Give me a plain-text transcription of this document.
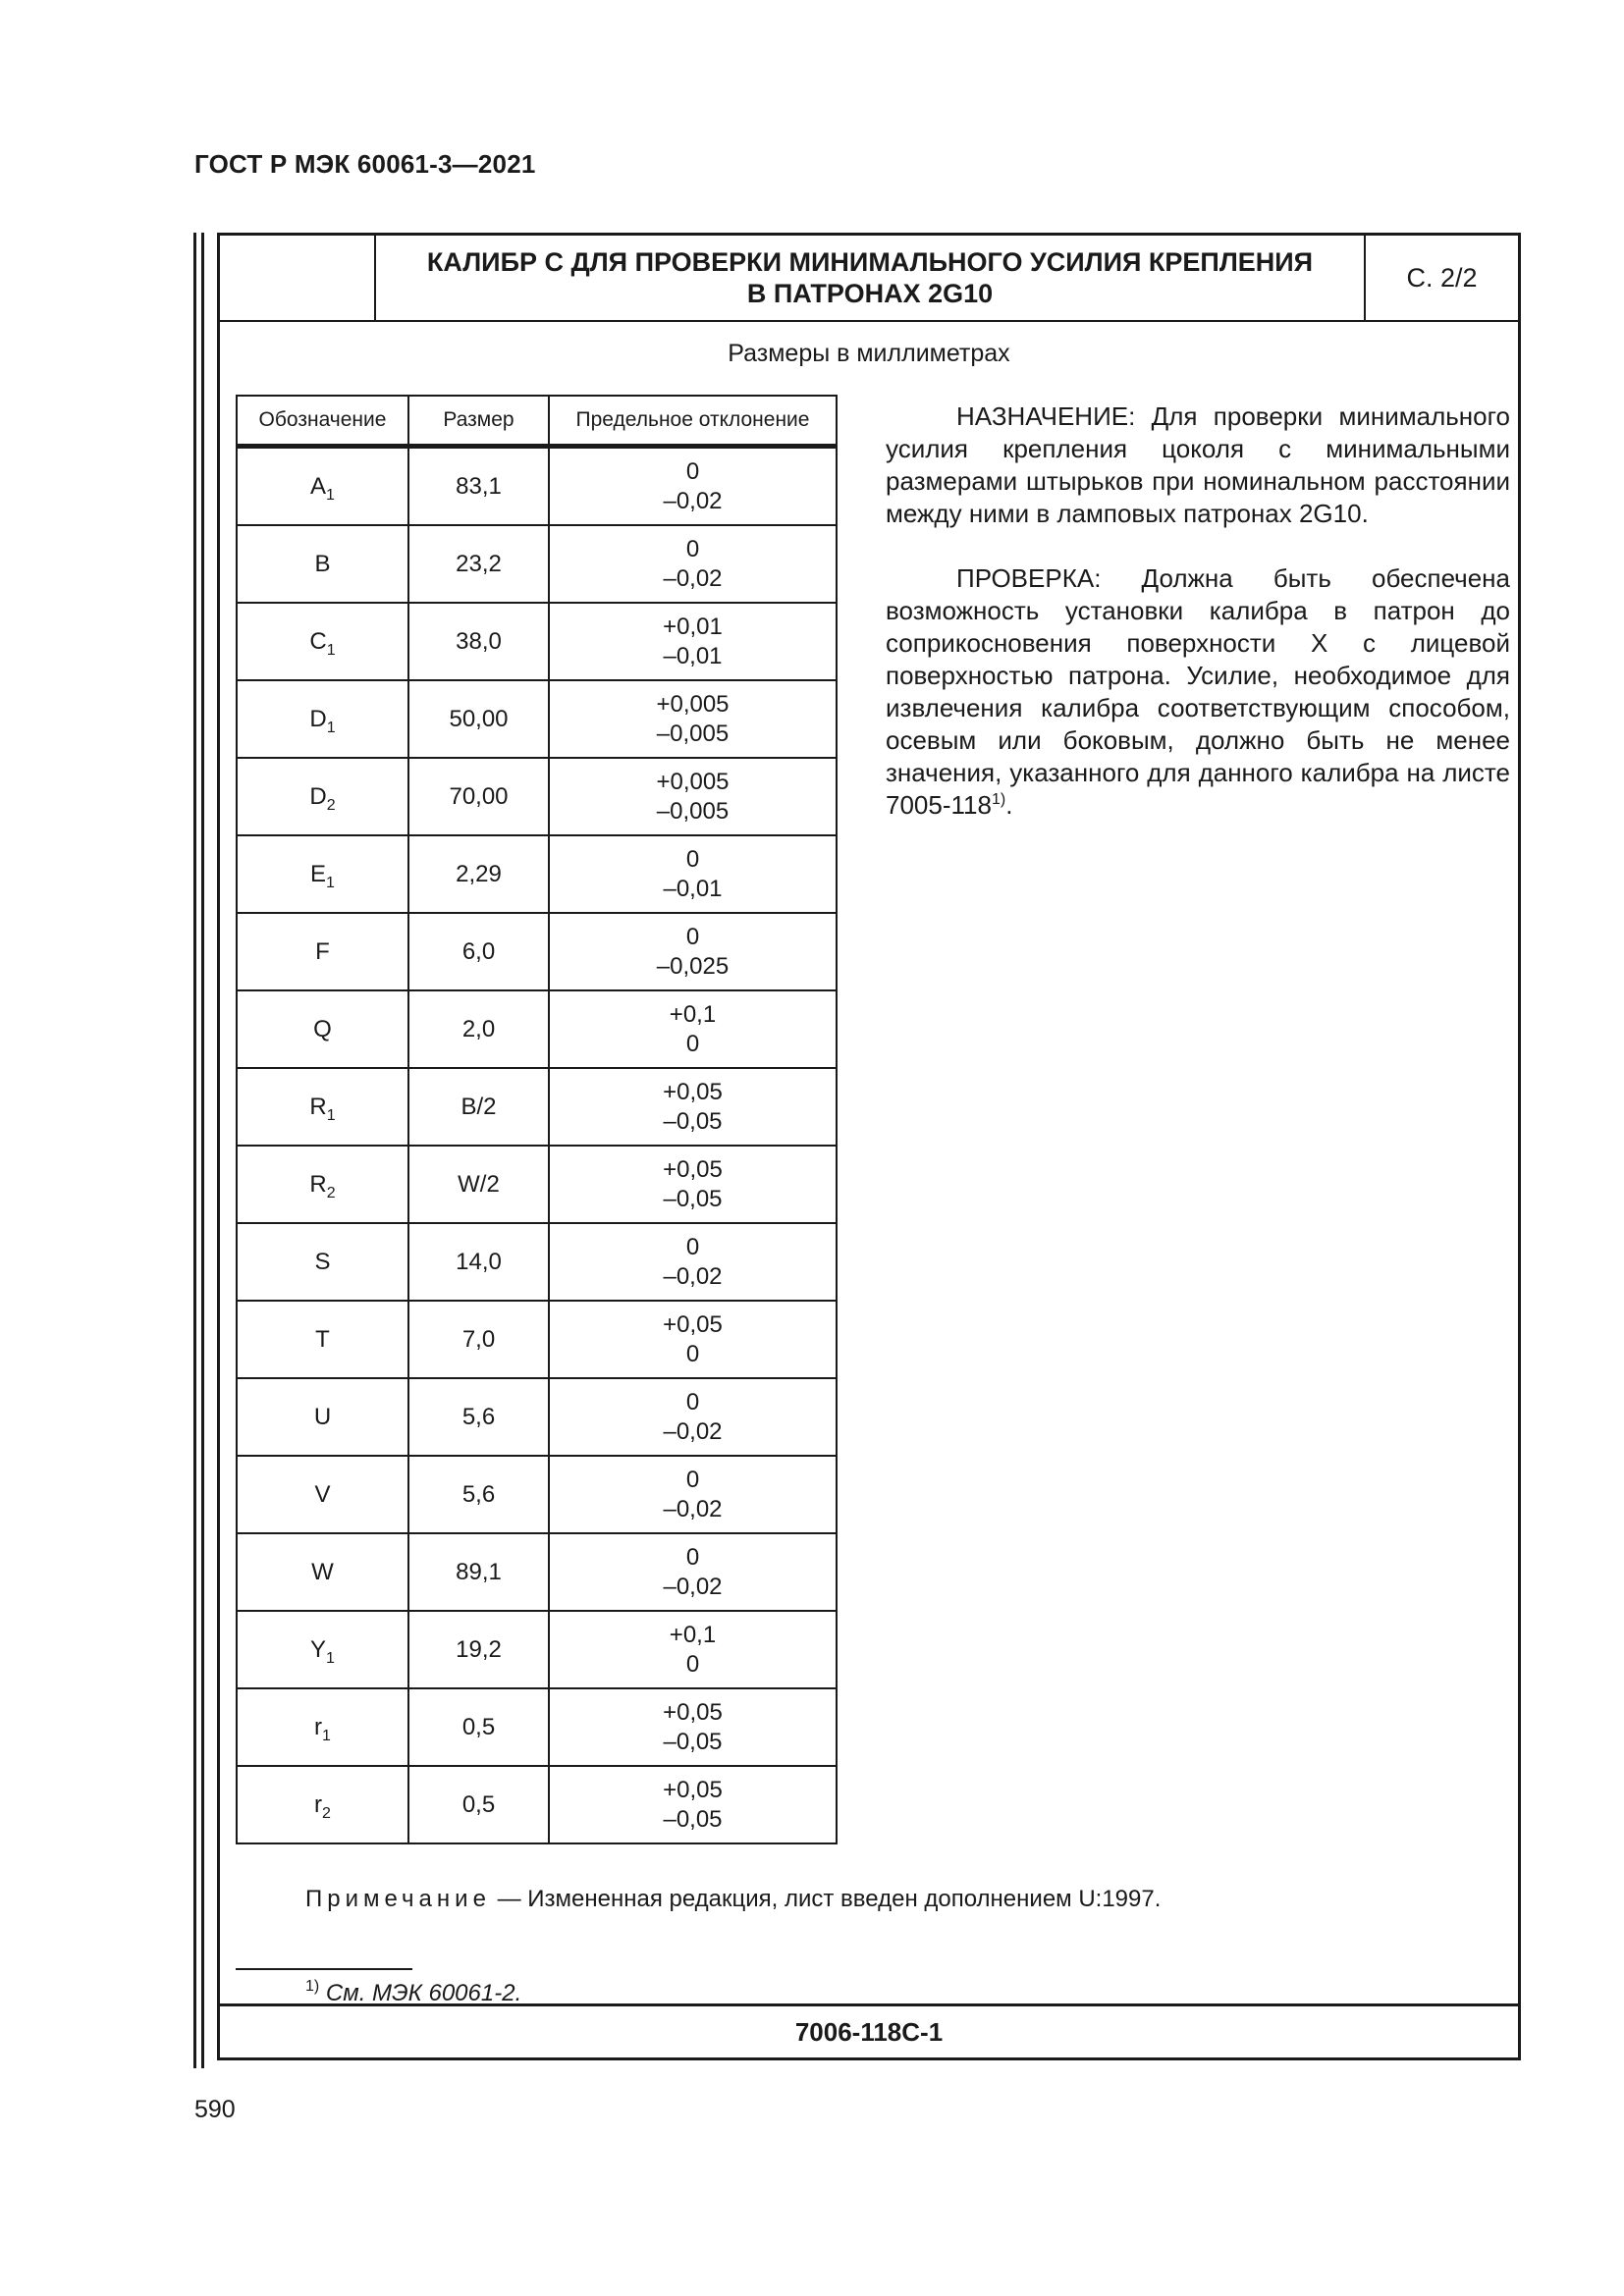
ГОСТ Р МЭК 60061-3—2021
КАЛИБР С ДЛЯ ПРОВЕРКИ МИНИМАЛЬНОГО УСИЛИЯ КРЕПЛЕНИЯ
В ПАТРОНАХ 2G10
С. 2/2
Размеры в миллиметрах
Обозначение	Размер	Предельное отклонение
$A_1$	83,1	0
–0,02

B	23,2	0
–0,02

$C_1$	38,0	+0,01
–0,01

$D_1$	50,00	+0,005
–0,005

$D_2$	70,00	+0,005
–0,005

$E_1$	2,29	0
–0,01

F	6,0	0
–0,025

Q	2,0	+0,1
0

$R_1$	B/2	+0,05
–0,05

$R_2$	W/2	+0,05
–0,05

S	14,0	0
–0,02

T	7,0	+0,05
0

U	5,6	0
–0,02

V	5,6	0
–0,02

W	89,1	0
–0,02

$Y_1$	19,2	+0,1
0

$r_1$	0,5	+0,05
–0,05

$r_2$	0,5	+0,05
–0,05

НАЗНАЧЕНИЕ: Для проверки минимального усилия крепления цоколя с минимальными размерами штырьков при номинальном расстоянии между ними в ламповых патронах 2G10.

ПРОВЕРКА: Должна быть обеспечена возможность установки калибра в патрон до соприкосновения поверхности X с лицевой поверхностью патрона. Усилие, необходимое для извлечения калибра соответствующим способом, осевым или боковым, должно быть не менее значения, указанного для данного калибра на листе 7005-118$^{1)}$.

Примечание — Измененная редакция, лист введен дополнением U:1997.
$^{1)}$ См. МЭК 60061-2.
7006-118C-1
590
